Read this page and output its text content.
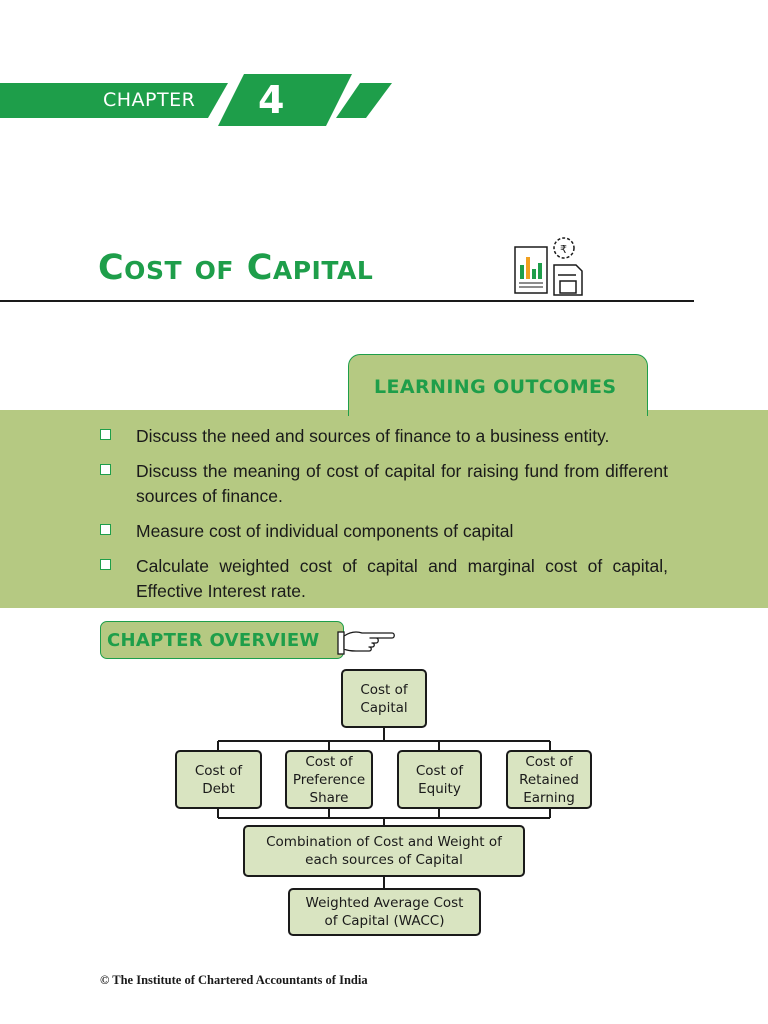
CHAPTER 4
Cost of Capital	₹
LEARNING OUTCOMES
Discuss the need and sources of finance to a business entity.
Discuss the meaning of cost of capital for raising fund from different sources of finance.
Measure cost of individual components of capital
Calculate weighted cost of capital and marginal cost of capital, Effective Interest rate.
CHAPTER OVERVIEW
Cost of Capital
Cost of Debt
Cost of Preference Share
Cost of Equity
Cost of Retained Earning
Combination of Cost and Weight of each sources of Capital
Weighted Average Cost of Capital (WACC)
© The Institute of Chartered Accountants of India
